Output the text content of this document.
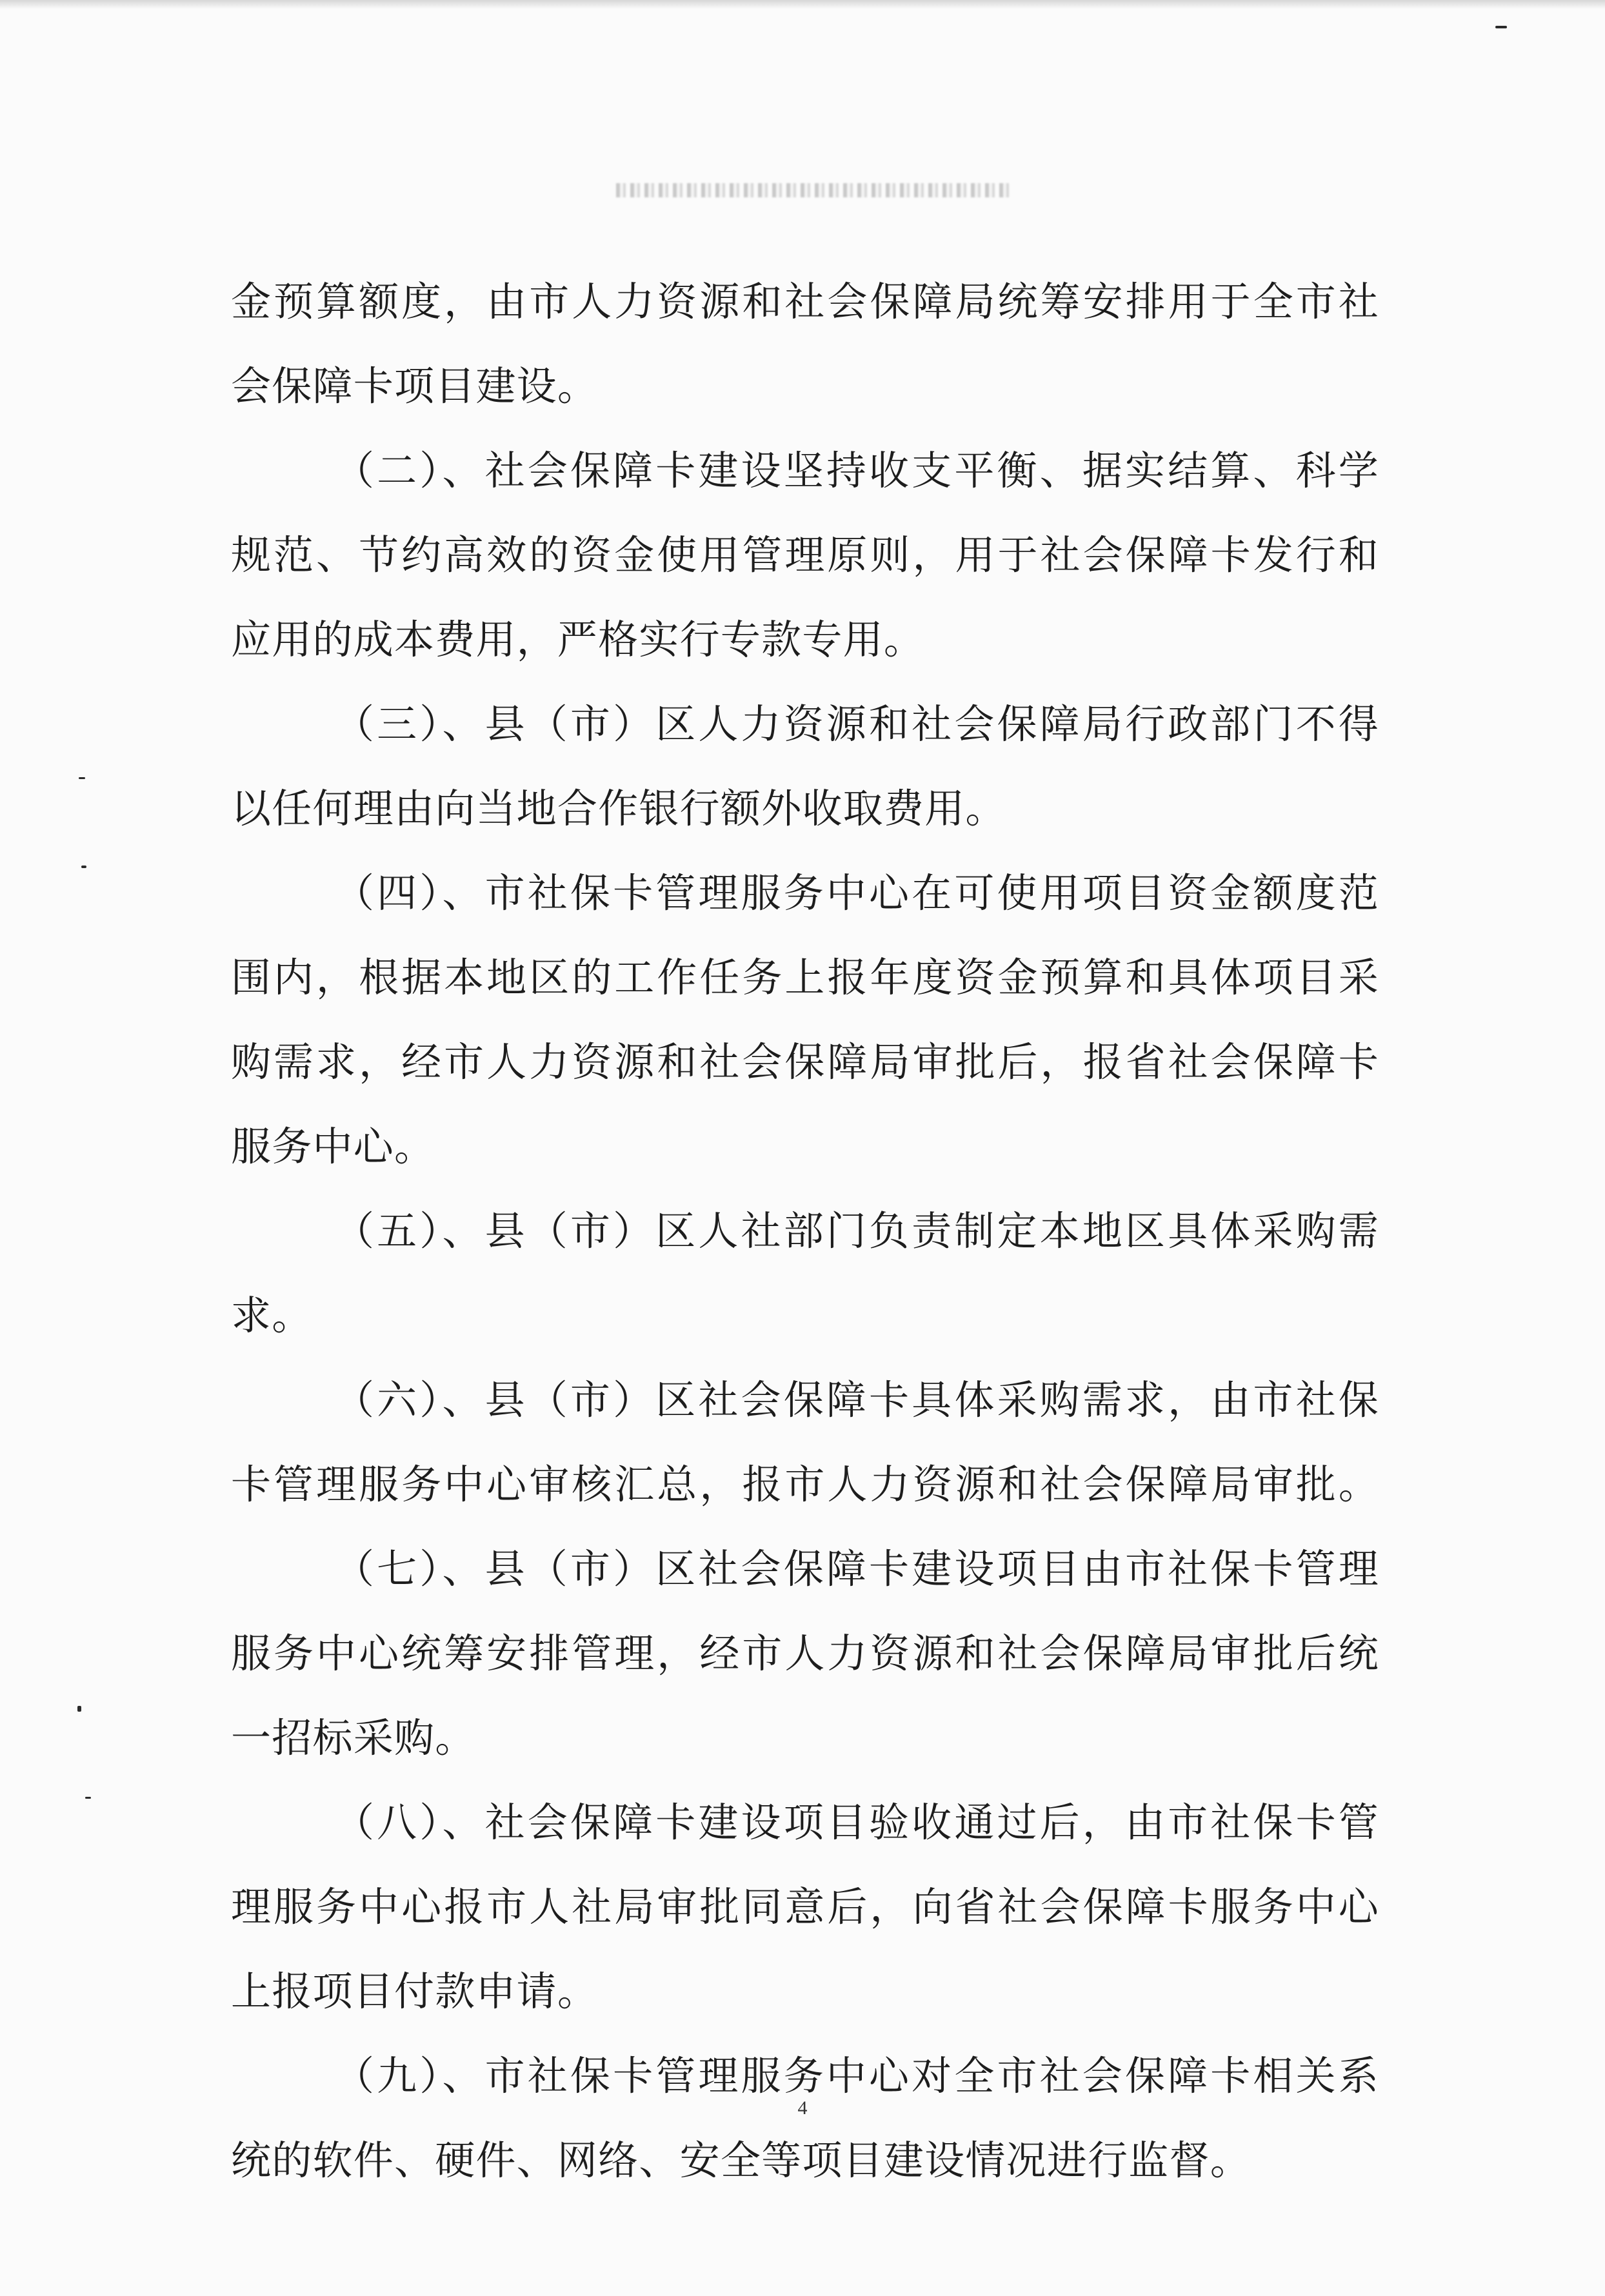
金预算额度，由市人力资源和社会保障局统筹安排用于全市社
会保障卡项目建设。
（二）、社会保障卡建设坚持收支平衡、据实结算、科学
规范、节约高效的资金使用管理原则，用于社会保障卡发行和
应用的成本费用，严格实行专款专用。
（三）、县（市）区人力资源和社会保障局行政部门不得
以任何理由向当地合作银行额外收取费用。
（四）、市社保卡管理服务中心在可使用项目资金额度范
围内，根据本地区的工作任务上报年度资金预算和具体项目采
购需求，经市人力资源和社会保障局审批后，报省社会保障卡
服务中心。
（五）、县（市）区人社部门负责制定本地区具体采购需
求。
（六）、县（市）区社会保障卡具体采购需求，由市社保
卡管理服务中心审核汇总，报市人力资源和社会保障局审批。
（七）、县（市）区社会保障卡建设项目由市社保卡管理
服务中心统筹安排管理，经市人力资源和社会保障局审批后统
一招标采购。
（八）、社会保障卡建设项目验收通过后，由市社保卡管
理服务中心报市人社局审批同意后，向省社会保障卡服务中心
上报项目付款申请。
（九）、市社保卡管理服务中心对全市社会保障卡相关系
统的软件、硬件、网络、安全等项目建设情况进行监督。
4
